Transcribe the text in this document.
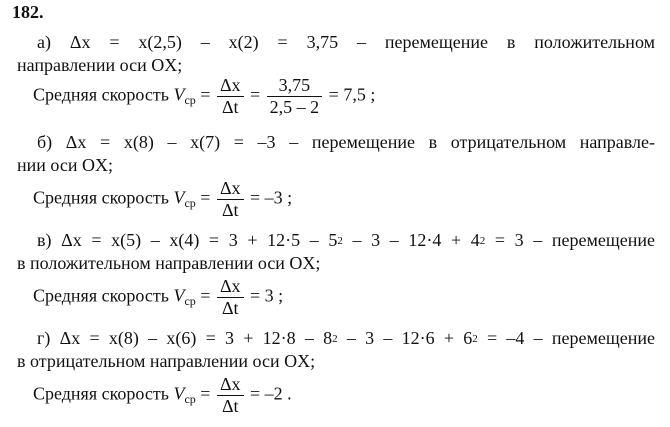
182.
а) Δx = x(2,5) – x(2) = 3,75 – перемещение в положительном
направлении оси OX;
Средняя скорость $V_{ср} = \frac{\Delta x}{\Delta t} = \frac{3,75}{2,5 - 2} = 7,5$ ;
б) Δx = x(8) – x(7) = –3 – перемещение в отрицательном направле-
нии оси OX;
Средняя скорость $V_{ср} = \frac{\Delta x}{\Delta t} = -3$ ;
в) $\Delta x = x(5) - x(4) = 3 + 12\cdot 5 - 5^2 - 3 - 12\cdot 4 + 4^2 = 3$ – перемещение
в положительном направлении оси OX;
Средняя скорость $V_{ср} = \frac{\Delta x}{\Delta t} = 3$ ;
г) $\Delta x = x(8) - x(6) = 3 + 12\cdot 8 - 8^2 - 3 - 12\cdot 6 + 6^2 = -4$ – перемещение
в отрицательном направлении оси OX;
Средняя скорость $V_{ср} = \frac{\Delta x}{\Delta t} = -2$ .
